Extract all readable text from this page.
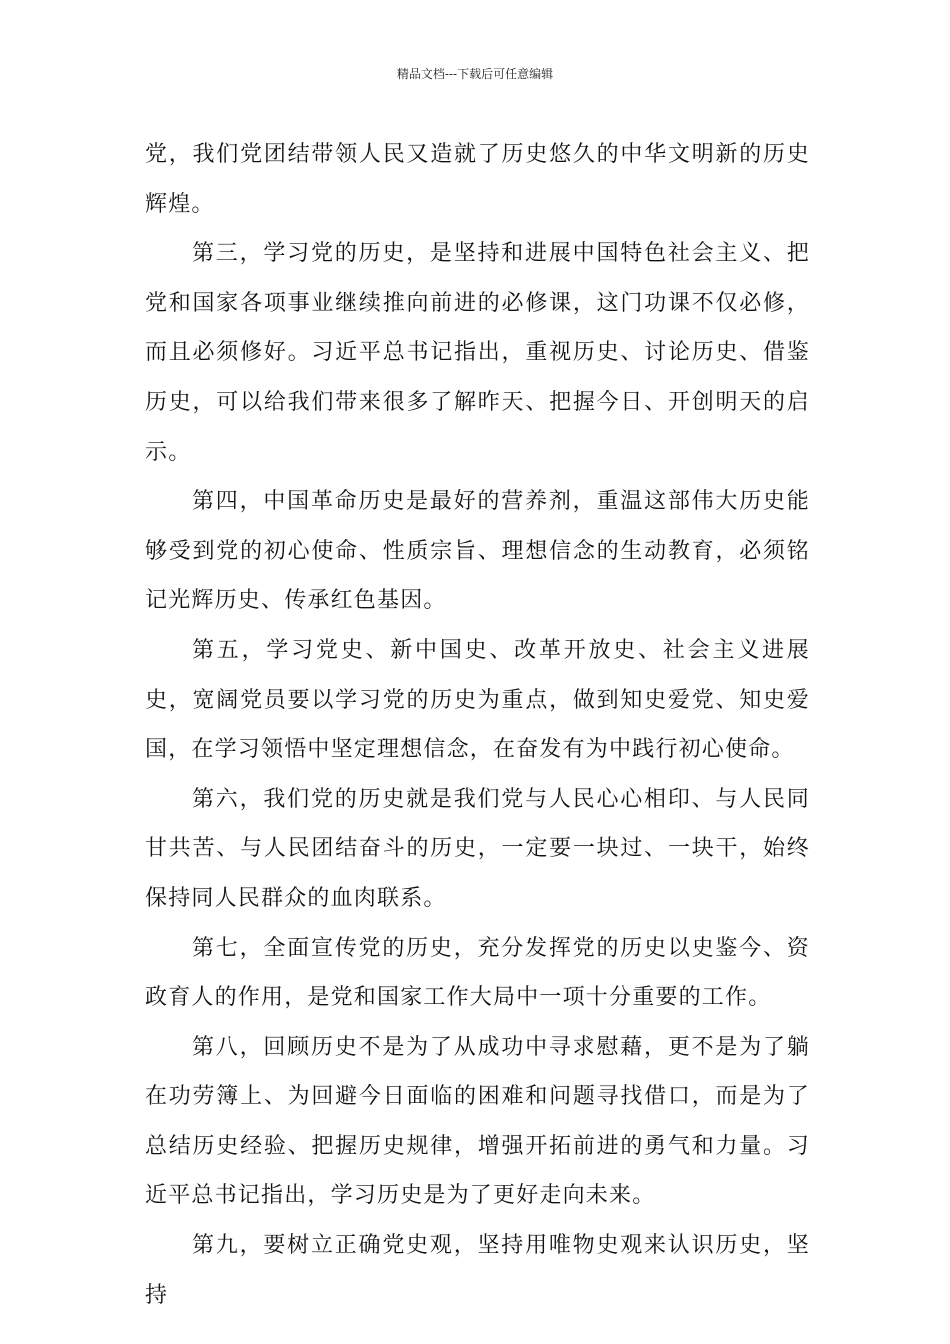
精品文档---下载后可任意编辑

党，我们党团结带领人民又造就了历史悠久的中华文明新的历史辉煌。

第三，学习党的历史，是坚持和进展中国特色社会主义、把党和国家各项事业继续推向前进的必修课，这门功课不仅必修，而且必须修好。习近平总书记指出，重视历史、讨论历史、借鉴历史，可以给我们带来很多了解昨天、把握今日、开创明天的启示。

第四，中国革命历史是最好的营养剂，重温这部伟大历史能够受到党的初心使命、性质宗旨、理想信念的生动教育，必须铭记光辉历史、传承红色基因。

第五，学习党史、新中国史、改革开放史、社会主义进展史，宽阔党员要以学习党的历史为重点，做到知史爱党、知史爱国，在学习领悟中坚定理想信念，在奋发有为中践行初心使命。

第六，我们党的历史就是我们党与人民心心相印、与人民同甘共苦、与人民团结奋斗的历史，一定要一块过、一块干，始终保持同人民群众的血肉联系。

第七，全面宣传党的历史，充分发挥党的历史以史鉴今、资政育人的作用，是党和国家工作大局中一项十分重要的工作。

第八，回顾历史不是为了从成功中寻求慰藉，更不是为了躺在功劳簿上、为回避今日面临的困难和问题寻找借口，而是为了总结历史经验、把握历史规律，增强开拓前进的勇气和力量。习近平总书记指出，学习历史是为了更好走向未来。

第九，要树立正确党史观，坚持用唯物史观来认识历史，坚持
